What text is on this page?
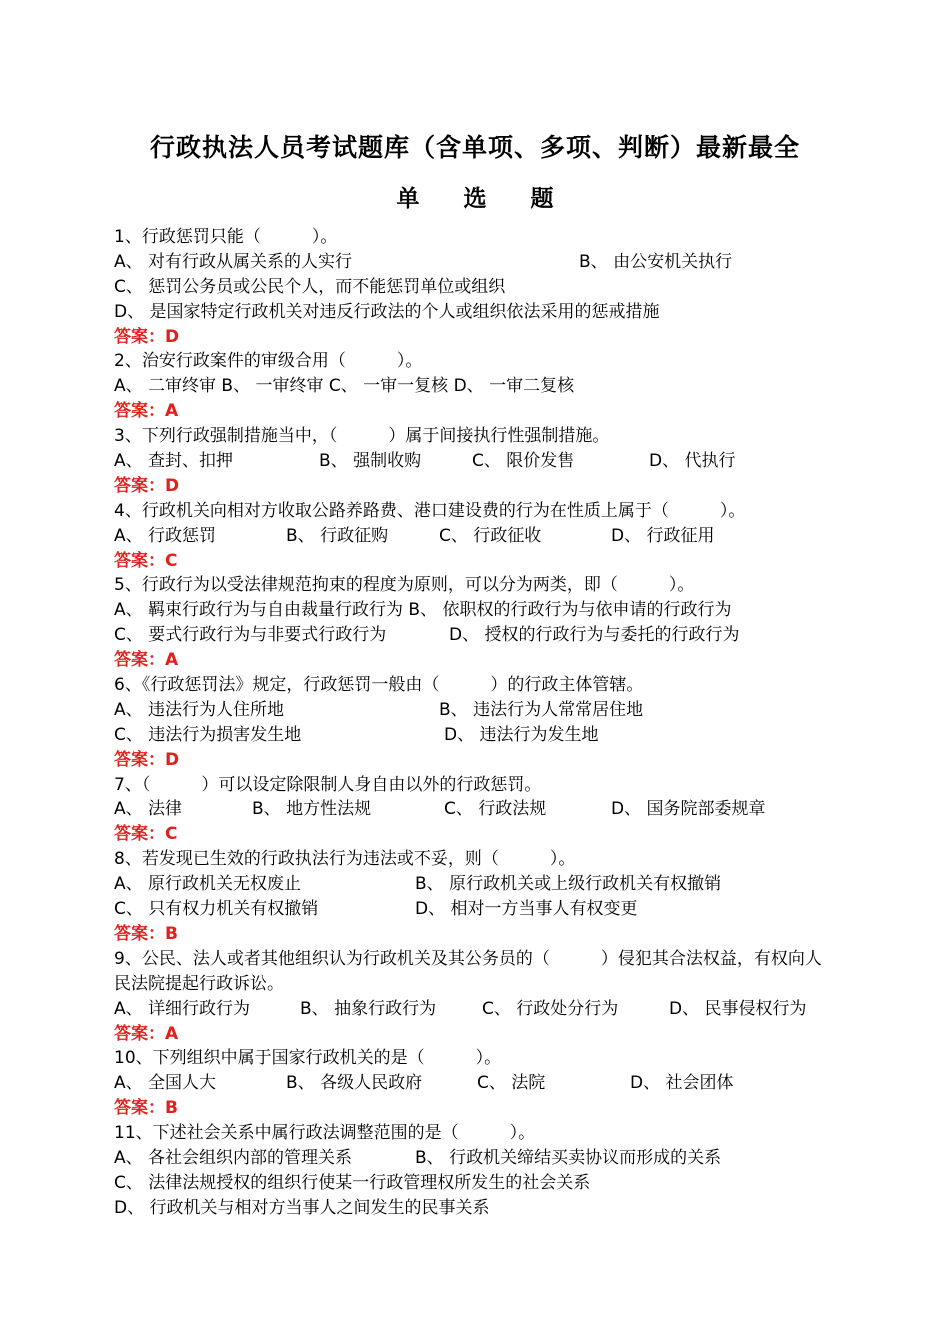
行政执法人员考试题库（含单项、多项、判断）最新最全
单 选 题
1、行政惩罚只能（　　　）。

A、 对有行政从属关系的人实行

	B、 由公安机关执行

C、 惩罚公务员或公民个人，而不能惩罚单位或组织
D、 是国家特定行政机关对违反行政法的个人或组织依法采用的惩戒措施
答案：D
2、治安行政案件的审级合用（　　　）。
A、 二审终审 B、 一审终审 C、 一审一复核 D、 一审二复核
答案：A
3、下列行政强制措施当中，（　　　）属于间接执行性强制措施。

A、 查封、扣押

	B、 强制收购

	C、 限价发售

	D、 代执行

答案：D
4、行政机关向相对方收取公路养路费、港口建设费的行为在性质上属于（　　　）。

A、 行政惩罚

	B、 行政征购

	C、 行政征收

	D、 行政征用

答案：C
5、行政行为以受法律规范拘束的程度为原则，可以分为两类，即（　　　）。
A、 羁束行政行为与自由裁量行政行为 B、 依职权的行政行为与依申请的行政行为

C、 要式行政行为与非要式行政行为

	D、 授权的行政行为与委托的行政行为

答案：A
6、《行政惩罚法》规定，行政惩罚一般由（　　　）的行政主体管辖。

A、 违法行为人住所地

	B、 违法行为人常常居住地

C、 违法行为损害发生地

	D、 违法行为发生地

答案：D
7、（　　　）可以设定除限制人身自由以外的行政惩罚。

A、 法律

	B、 地方性法规

	C、 行政法规

	D、 国务院部委规章

答案：C
8、若发现已生效的行政执法行为违法或不妥，则（　　　）。

A、 原行政机关无权废止

	B、 原行政机关或上级行政机关有权撤销

C、 只有权力机关有权撤销

	D、 相对一方当事人有权变更

答案：B
9、公民、法人或者其他组织认为行政机关及其公务员的（　　　）侵犯其合法权益，有权向人民法院提起行政诉讼。

A、 详细行政行为

	B、 抽象行政行为

	C、 行政处分行为

	D、 民事侵权行为

答案：A
10、下列组织中属于国家行政机关的是（　　　）。

A、 全国人大

	B、 各级人民政府

	C、 法院

	D、 社会团体

答案：B
11、下述社会关系中属行政法调整范围的是（　　　）。

A、 各社会组织内部的管理关系

	B、 行政机关缔结买卖协议而形成的关系

C、 法律法规授权的组织行使某一行政管理权所发生的社会关系
D、 行政机关与相对方当事人之间发生的民事关系
